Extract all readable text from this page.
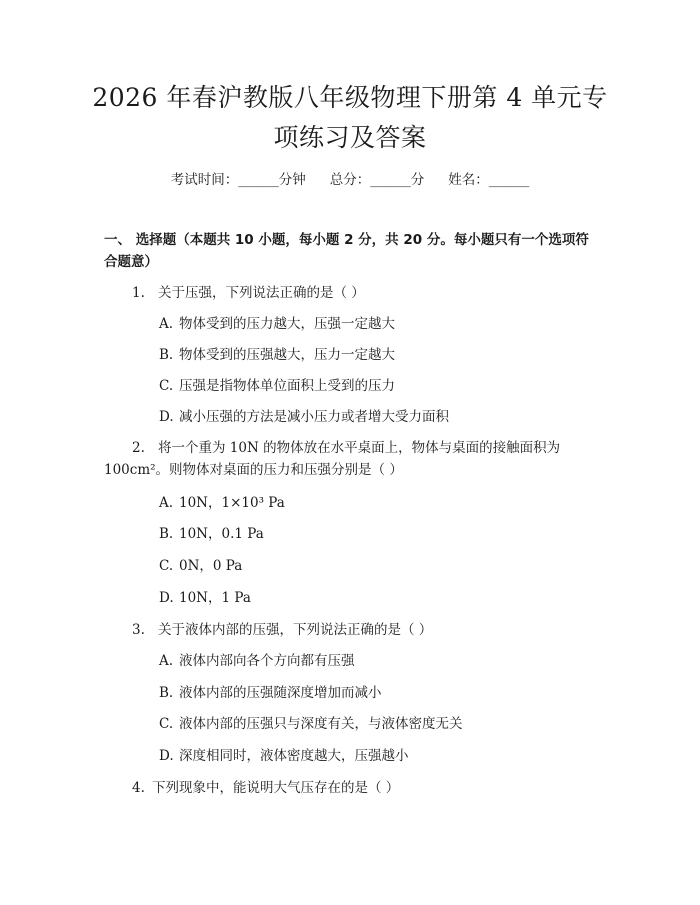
2026 年春沪教版八年级物理下册第 4 单元专
项练习及答案
考试时间：______分钟 总分：______分 姓名：______
一、 选择题（本题共 10 小题，每小题 2 分，共 20 分。每小题只有一个选项符合题意）
1. 关于压强，下列说法正确的是（ ）
A. 物体受到的压力越大，压强一定越大
B. 物体受到的压强越大，压力一定越大
C. 压强是指物体单位面积上受到的压力
D. 减小压强的方法是减小压力或者增大受力面积
2. 将一个重为 10N 的物体放在水平桌面上，物体与桌面的接触面积为
100cm²。则物体对桌面的压力和压强分别是（ ）
A. 10N，1×10³ Pa
B. 10N，0.1 Pa
C. 0N，0 Pa
D. 10N，1 Pa
3. 关于液体内部的压强，下列说法正确的是（ ）
A. 液体内部向各个方向都有压强
B. 液体内部的压强随深度增加而减小
C. 液体内部的压强只与深度有关，与液体密度无关
D. 深度相同时，液体密度越大，压强越小
4. 下列现象中，能说明大气压存在的是（ ）
